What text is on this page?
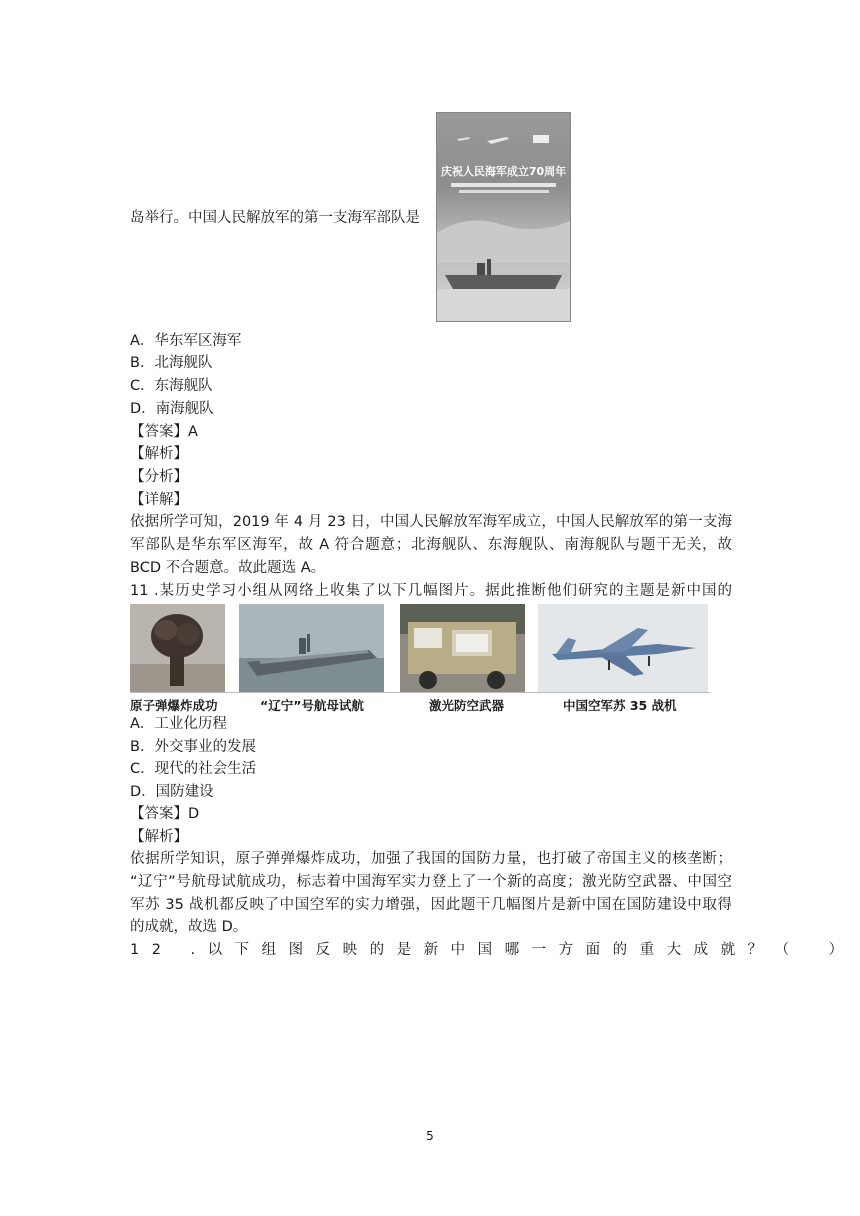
庆祝人民海军成立70周年
岛举行。中国人民解放军的第一支海军部队是
A．华东军区海军
B．北海舰队
C．东海舰队
D．南海舰队
【答案】A
【解析】
【分析】
【详解】
依据所学可知，2019 年 4 月 23 日，中国人民解放军海军成立，中国人民解放军的第一支海
军部队是华东军区海军，故 A 符合题意；北海舰队、东海舰队、南海舰队与题干无关，故
BCD 不合题意。故此题选 A。
11 .某历史学习小组从网络上收集了以下几幅图片。据此推断他们研究的主题是新中国的
原子弹爆炸成功	“辽宁”号航母试航	激光防空武器	中国空军苏 35 战机
A．工业化历程
B．外交事业的发展
C．现代的社会生活
D．国防建设
【答案】D
【解析】
依据所学知识，原子弹弹爆炸成功，加强了我国的国防力量，也打破了帝国主义的核垄断；
“辽宁”号航母试航成功，标志着中国海军实力登上了一个新的高度；激光防空武器、中国空
军苏 35 战机都反映了中国空军的实力增强，因此题干几幅图片是新中国在国防建设中取得
的成就，故选 D。
12 .以下组图反映的是新中国哪一方面的重大成就？（　）
5
